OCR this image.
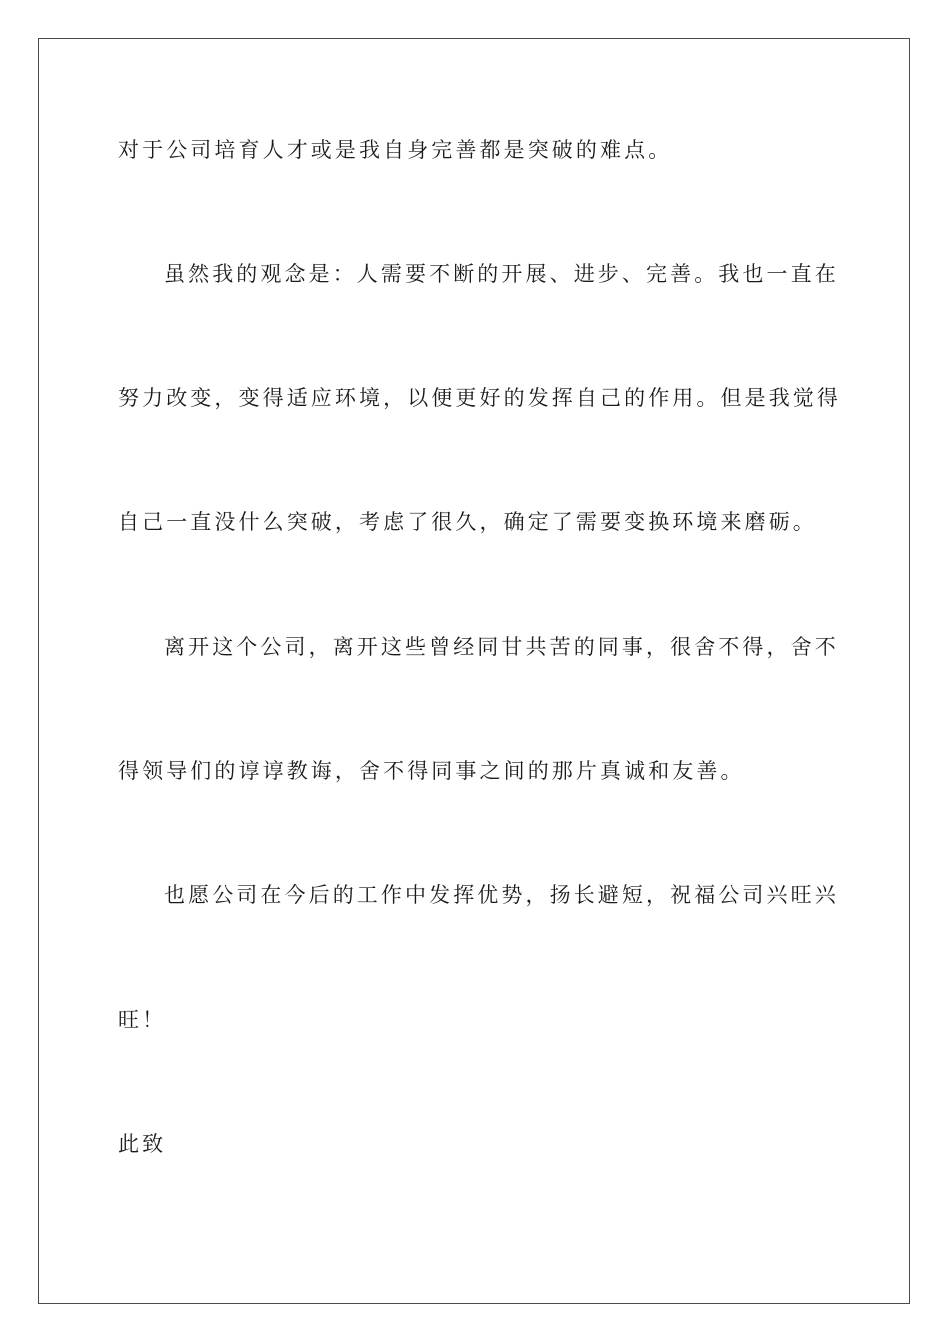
对于公司培育人才或是我自身完善都是突破的难点。

虽然我的观念是：人需要不断的开展、进步、完善。我也一直在

努力改变，变得适应环境，以便更好的发挥自己的作用。但是我觉得

自己一直没什么突破，考虑了很久，确定了需要变换环境来磨砺。

离开这个公司，离开这些曾经同甘共苦的同事，很舍不得，舍不

得领导们的谆谆教诲，舍不得同事之间的那片真诚和友善。

也愿公司在今后的工作中发挥优势，扬长避短，祝福公司兴旺兴

旺！

此致
